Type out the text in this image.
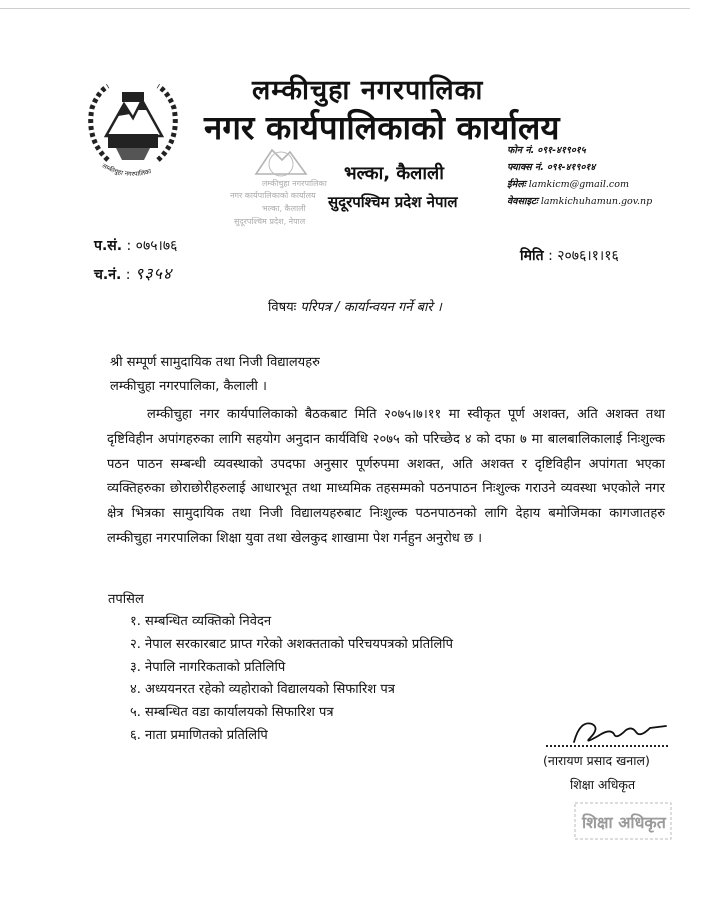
लम्कीचुहा नगरपालिका
लम्कीचुहा नगरपालिका
नगर कार्यपालिकाको कार्यालय
भल्का, कैलाली
सुदूरपश्चिम प्रदेश, नेपाल
लम्कीचुहा नगरपालिका
नगर कार्यपालिकाको कार्यालय
भल्का, कैलाली
सुदूरपश्चिम प्रदेश नेपाल
फोन नं. ०९१-४१९०१५
फ्याक्स नं. ०९१-४१९०१४
ईमेलः lamkicm@gmail.com
वेवसाइटः lamkichuhamun.gov.np
प.सं. : ०७५।७६
च.नं. : ९३५४
मिति : २०७६।१।१६
विषयः परिपत्र / कार्यान्वयन गर्ने बारे ।
श्री सम्पूर्ण सामुदायिक तथा निजी विद्यालयहरु
लम्कीचुहा नगरपालिका, कैलाली ।

लम्कीचुहा नगर कार्यपालिकाको बैठकबाट मिति २०७५।७।११ मा स्वीकृत पूर्ण अशक्त, अति अशक्त तथा दृष्टिविहीन अपांगहरुका लागि सहयोग अनुदान कार्यविधि २०७५ को परिच्छेद ४ को दफा ७ मा बालबालिकालाई निःशुल्क पठन पाठन सम्बन्धी व्यवस्थाको उपदफा अनुसार पूर्णरुपमा अशक्त, अति अशक्त र दृष्टिविहीन अपांगता भएका व्यक्तिहरुका छोराछोरीहरुलाई आधारभूत तथा माध्यमिक तहसम्मको पठनपाठन निःशुल्क गराउने व्यवस्था भएकोले नगर क्षेत्र भित्रका सामुदायिक तथा निजी विद्यालयहरुबाट निःशुल्क पठनपाठनको लागि देहाय बमोजिमका कागजातहरु लम्कीचुहा नगरपालिका शिक्षा युवा तथा खेलकुद शाखामा पेश गर्नहुन अनुरोध छ ।

तपसिल
१. सम्बन्धित व्यक्तिको निवेदन
२. नेपाल सरकारबाट प्राप्त गरेको अशक्तताको परिचयपत्रको प्रतिलिपि
३. नेपालि नागरिकताको प्रतिलिपि
४. अध्ययनरत रहेको व्यहोराको विद्यालयको सिफारिश पत्र
५. सम्बन्धित वडा कार्यालयको सिफारिश पत्र
६. नाता प्रमाणितको प्रतिलिपि
(नारायण प्रसाद खनाल)
शिक्षा अधिकृत
शिक्षा अधिकृत
